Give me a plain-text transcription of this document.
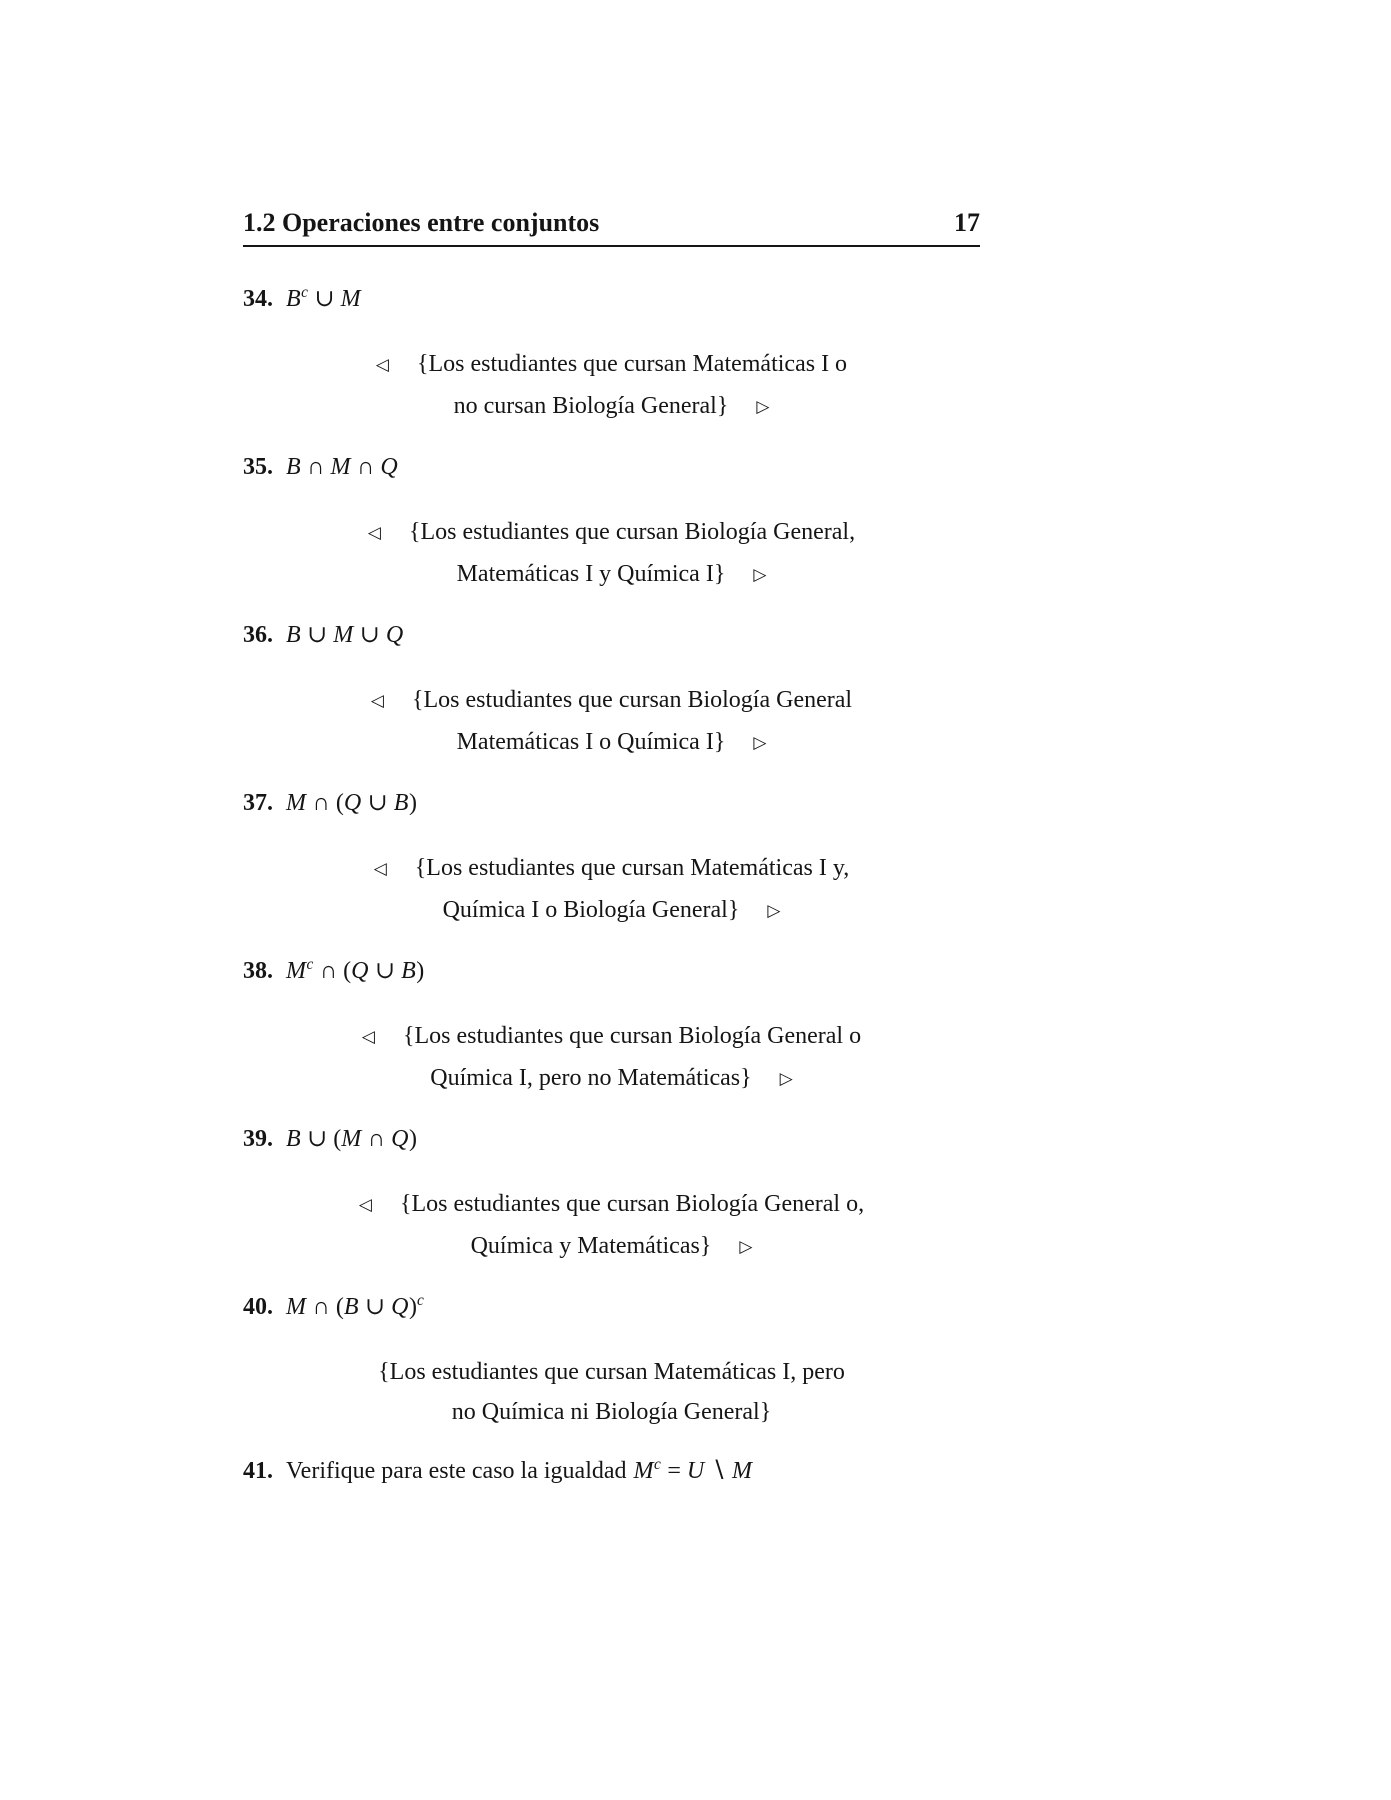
1.2 Operaciones entre conjuntos	17
34. $B^c$ ∪ M
◁ {Los estudiantes que cursan Matemáticas I o
no cursan Biología General} ▷
35. B ∩ M ∩ Q
◁ {Los estudiantes que cursan Biología General,
Matemáticas I y Química I} ▷
36. B ∪ M ∪ Q
◁ {Los estudiantes que cursan Biología General
Matemáticas I o Química I} ▷
37. M ∩ (Q ∪ B)
◁ {Los estudiantes que cursan Matemáticas I y,
Química I o Biología General} ▷
38. $M^c$ ∩ (Q ∪ B)
◁ {Los estudiantes que cursan Biología General o
Química I, pero no Matemáticas} ▷
39. B ∪ (M ∩ Q)
◁ {Los estudiantes que cursan Biología General o,
Química y Matemáticas} ▷
40. M ∩ (B ∪ Q)$^c$
{Los estudiantes que cursan Matemáticas I, pero
no Química ni Biología General}
41. Verifique para este caso la igualdad $M^c = U$ ∖ M
